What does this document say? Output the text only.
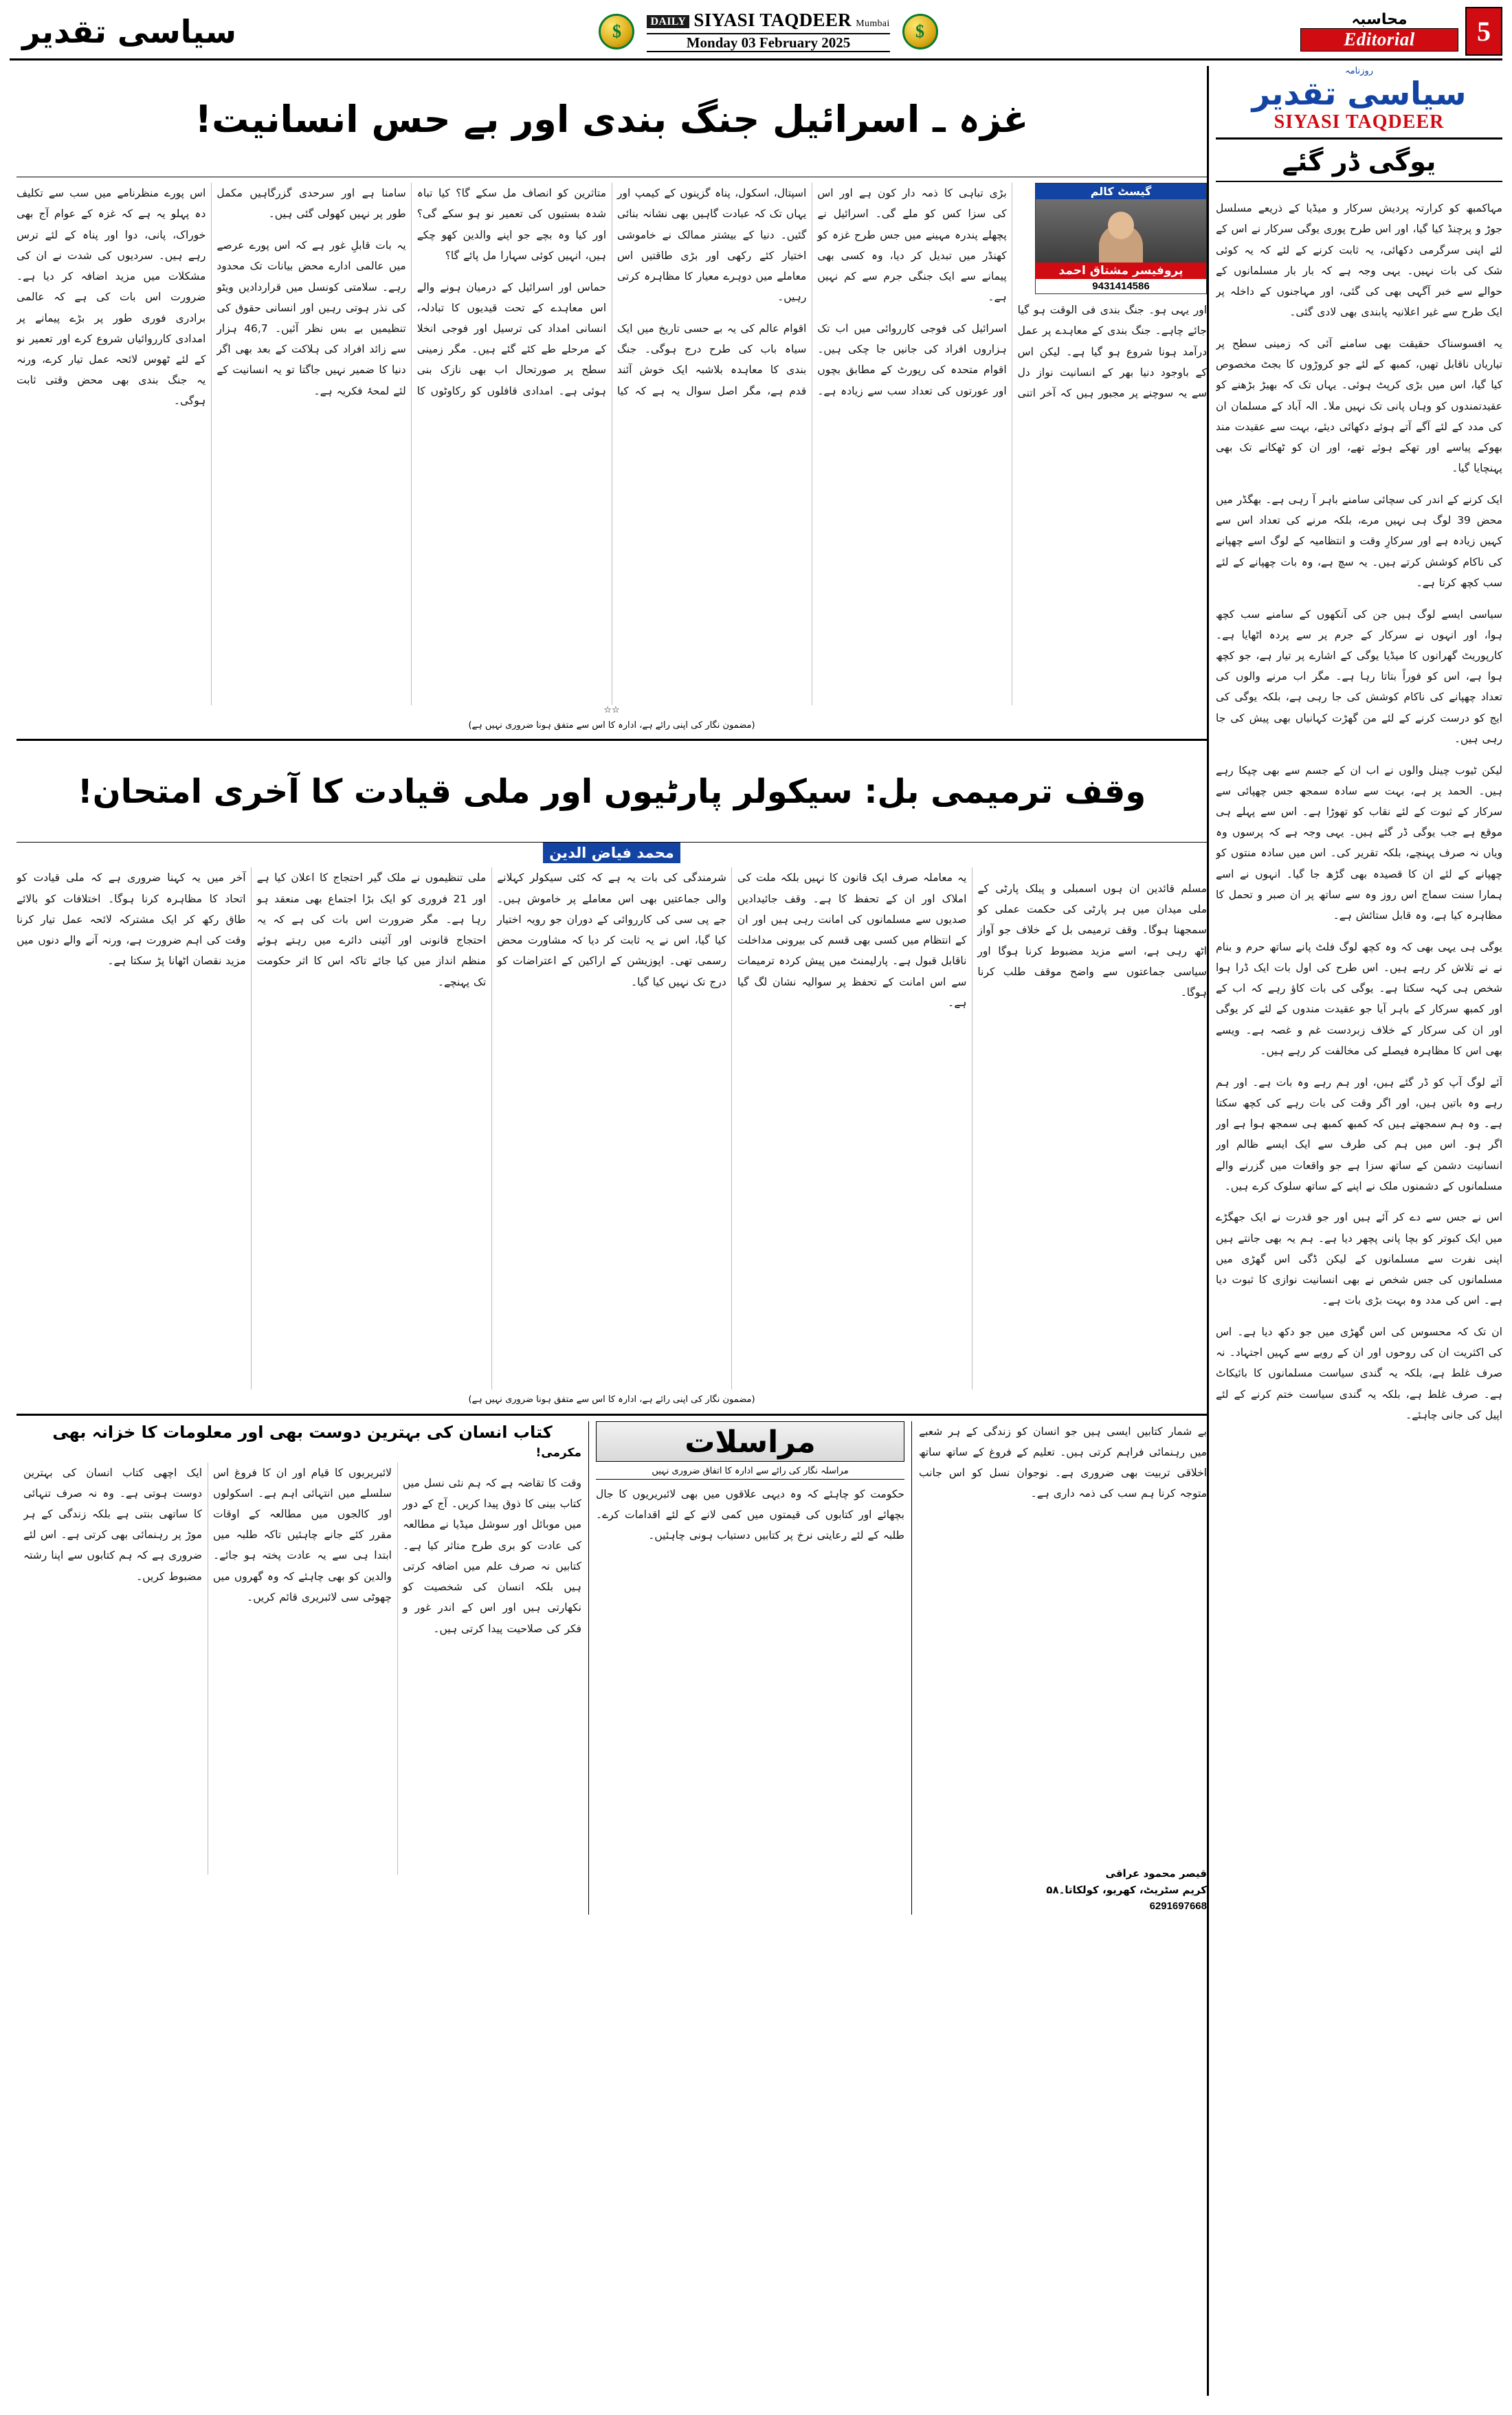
5
محاسبہ
Editorial
$
DAILY SIYASI TAQDEER Mumbai
Monday 03 February 2025
$
سیاسی تقدیر
روزنامہ
سیاسی تقدیر
SIYASI TAQDEER
یوگی ڈر گئے

مہاکمبھ کو کرارتہ پردیش سرکار و میڈیا کے ذریعے مسلسل جوڑ و پرچنڈ کیا گیا، اور اس طرح پوری یوگی سرکار نے اس کے لئے اپنی سرگرمی دکھائی، یہ ثابت کرنے کے لئے کہ یہ کوئی شک کی بات نہیں۔ یہی وجہ ہے کہ بار بار مسلمانوں کے حوالے سے خبر آگہی بھی کی گئی، اور مہاجنوں کے داخلہ پر ایک طرح سے غیر اعلانیہ پابندی بھی لادی گئی۔

یہ افسوسناک حقیقت بھی سامنے آئی کہ زمینی سطح پر تیاریاں ناقابل تھیں، کمبھ کے لئے جو کروڑوں کا بجٹ مخصوص کیا گیا، اس میں بڑی کرپٹ ہوئی۔ یہاں تک کہ بھیڑ بڑھنے کو عقیدتمندوں کو وہاں پانی تک نہیں ملا۔ الہ آباد کے مسلمان ان کی مدد کے لئے آگے آتے ہوئے دکھائی دیئے، بہت سے عقیدت مند بھوکے پیاسے اور تھکے ہوئے تھے، اور ان کو ٹھکانے تک بھی پہنچایا گیا۔

ایک کرنے کے اندر کی سچائی سامنے باہر آ رہی ہے۔ بھگڈر میں محض 39 لوگ ہی نہیں مرے، بلکہ مرنے کی تعداد اس سے کہیں زیادہ ہے اور سرکارِ وقت و انتظامیہ کے لوگ اسے چھپانے کی ناکام کوشش کرتے ہیں۔ یہ سچ ہے، وہ بات چھپانے کے لئے سب کچھ کرتا ہے۔

سیاسی ایسے لوگ ہیں جن کی آنکھوں کے سامنے سب کچھ ہوا، اور انہوں نے سرکار کے جرم پر سے پردہ اٹھایا ہے۔ کارپوریٹ گھرانوں کا میڈیا یوگی کے اشارے پر تیار ہے، جو کچھ ہوا ہے، اس کو فوراً بتاتا رہا ہے۔ مگر اب مرنے والوں کی تعداد چھپانے کی ناکام کوشش کی جا رہی ہے، بلکہ یوگی کی ایج کو درست کرنے کے لئے من گھڑت کہانیاں بھی پیش کی جا رہی ہیں۔

لیکن ٹیوب چینل والوں نے اب ان کے جسم سے بھی چپکا رہے ہیں۔ الحمد پر ہے، بہت سے سادہ سمجھ جس چھپائی سے سرکار کے ثبوت کے لئے نقاب کو تھوڑا ہے۔ اس سے پہلے ہی موقع ہے جب یوگی ڈر گئے ہیں۔ یہی وجہ ہے کہ پرسوں وہ ویاں نہ صرف پہنچے، بلکہ تقریر کی۔ اس میں سادہ منتوں کو چھپانے کے لئے ان کا قصیدہ بھی گڑھ جا گیا۔ انہوں نے اسے ہمارا سنت سماج اس روز وہ سے ساتھ پر ان صبر و تحمل کا مظاہرہ کیا ہے، وہ قابل ستائش ہے۔

یوگی ہی یہی بھی کہ وہ کچھ لوگ فلٹ پانے ساتھ حرم و بنام نے نے تلاش کر رہے ہیں۔ اس طرح کی اول بات ایک ڈرا ہوا شخص ہی کہہ سکتا ہے۔ یوگی کی بات کاؤ رہے کہ اب کے اور کمبھ سرکار کے باہر آیا جو عقیدت مندوں کے لئے کر یوگی اور ان کی سرکار کے خلاف زبردست غم و غصہ ہے۔ ویسے بھی اس کا مظاہرہ فیصلے کی مخالفت کر رہے ہیں۔

آئے لوگ آپ کو ڈر گئے ہیں، اور ہم رہے وہ بات ہے۔ اور ہم رہے وہ باتیں ہیں، اور اگر وقت کی بات رہے کی کچھ سکتا ہے۔ وہ ہم سمجھتے ہیں کہ کمبھ کمبھ ہی سمجھ ہوا ہے اور اگر ہو۔ اس میں ہم کی طرف سے ایک ایسے ظالم اور انسانیت دشمن کے ساتھ سزا ہے جو واقعات میں گزرنے والے مسلمانوں کے دشمنوں ملک نے اپنے کے ساتھ سلوک کرے ہیں۔

اس نے جس سے دے کر آئے ہیں اور جو قدرت نے ایک جھگڑے میں ایک کبوتر کو بچا پانی پچھر دیا ہے۔ ہم یہ بھی جانتے ہیں اپنی نفرت سے مسلمانوں کے لیکن ڈگی اس گھڑی میں مسلمانوں کی جس شخص نے بھی انسانیت نوازی کا ثبوت دیا ہے۔ اس کی مدد وہ بہت بڑی بات ہے۔

ان تک کہ محسوس کی اس گھڑی میں جو دکھ دیا ہے۔ اس کی اکثریت ان کی روحوں اور ان کے رویے سے کہیں اجتہاد۔ نہ صرف غلط ہے، بلکہ یہ گندی سیاست مسلمانوں کا بائیکاٹ ہے۔ صرف غلط ہے، بلکہ یہ گندی سیاست ختم کرنے کے لئے اپیل کی جانی چاہئے۔

غزہ ـ اسرائیل جنگ بندی اور بے حس انسانیت!
گیسٹ کالم
پروفیسر مشتاق احمد
9431414586

اور یہی ہو۔ جنگ بندی فی الوقت ہو گیا جائے چاہے۔ جنگ بندی کے معاہدے پر عمل درآمد ہونا شروع ہو گیا ہے۔ لیکن اس کے باوجود دنیا بھر کے انسانیت نواز دل سے یہ سوچنے پر مجبور ہیں کہ آخر اتنی بڑی تباہی کا ذمہ دار کون ہے اور اس کی سزا کس کو ملے گی۔ اسرائیل نے پچھلے پندرہ مہینے میں جس طرح غزہ کو کھنڈر میں تبدیل کر دیا، وہ کسی بھی پیمانے سے ایک جنگی جرم سے کم نہیں ہے۔

اسرائیل کی فوجی کارروائی میں اب تک ہزاروں افراد کی جانیں جا چکی ہیں۔ اقوام متحدہ کی رپورٹ کے مطابق بچوں اور عورتوں کی تعداد سب سے زیادہ ہے۔ اسپتال، اسکول، پناہ گزینوں کے کیمپ اور یہاں تک کہ عبادت گاہیں بھی نشانہ بنائی گئیں۔ دنیا کے بیشتر ممالک نے خاموشی اختیار کئے رکھی اور بڑی طاقتیں اس معاملے میں دوہرے معیار کا مظاہرہ کرتی رہیں۔

اقوام عالم کی یہ بے حسی تاریخ میں ایک سیاہ باب کی طرح درج ہوگی۔ جنگ بندی کا معاہدہ بلاشبہ ایک خوش آئند قدم ہے، مگر اصل سوال یہ ہے کہ کیا متاثرین کو انصاف مل سکے گا؟ کیا تباہ شدہ بستیوں کی تعمیر نو ہو سکے گی؟ اور کیا وہ بچے جو اپنے والدین کھو چکے ہیں، انہیں کوئی سہارا مل پائے گا؟

حماس اور اسرائیل کے درمیان ہونے والے اس معاہدے کے تحت قیدیوں کا تبادلہ، انسانی امداد کی ترسیل اور فوجی انخلا کے مرحلے طے کئے گئے ہیں۔ مگر زمینی سطح پر صورتحال اب بھی نازک بنی ہوئی ہے۔ امدادی قافلوں کو رکاوٹوں کا سامنا ہے اور سرحدی گزرگاہیں مکمل طور پر نہیں کھولی گئی ہیں۔

یہ بات قابلِ غور ہے کہ اس پورے عرصے میں عالمی ادارے محض بیانات تک محدود رہے۔ سلامتی کونسل میں قراردادیں ویٹو کی نذر ہوتی رہیں اور انسانی حقوق کی تنظیمیں بے بس نظر آئیں۔ 46,7 ہزار سے زائد افراد کی ہلاکت کے بعد بھی اگر دنیا کا ضمیر نہیں جاگتا تو یہ انسانیت کے لئے لمحۂ فکریہ ہے۔

اس پورے منظرنامے میں سب سے تکلیف دہ پہلو یہ ہے کہ غزہ کے عوام آج بھی خوراک، پانی، دوا اور پناہ کے لئے ترس رہے ہیں۔ سردیوں کی شدت نے ان کی مشکلات میں مزید اضافہ کر دیا ہے۔ ضرورت اس بات کی ہے کہ عالمی برادری فوری طور پر بڑے پیمانے پر امدادی کارروائیاں شروع کرے اور تعمیر نو کے لئے ٹھوس لائحہ عمل تیار کرے، ورنہ یہ جنگ بندی بھی محض وقتی ثابت ہوگی۔

☆☆
(مضمون نگار کی اپنی رائے ہے، ادارہ کا اس سے متفق ہونا ضروری نہیں ہے)
وقف ترمیمی بل: سیکولر پارٹیوں اور ملی قیادت کا آخری امتحان!
محمد فیاض الدین

مسلم قائدین ان ہوں اسمبلی و پبلک پارٹی کے ملی میدان میں ہر پارٹی کی حکمت عملی کو سمجھنا ہوگا۔ وقف ترمیمی بل کے خلاف جو آواز اٹھ رہی ہے، اسے مزید مضبوط کرنا ہوگا اور سیاسی جماعتوں سے واضح موقف طلب کرنا ہوگا۔

یہ معاملہ صرف ایک قانون کا نہیں بلکہ ملت کی املاک اور ان کے تحفظ کا ہے۔ وقف جائیدادیں صدیوں سے مسلمانوں کی امانت رہی ہیں اور ان کے انتظام میں کسی بھی قسم کی بیرونی مداخلت ناقابل قبول ہے۔ پارلیمنٹ میں پیش کردہ ترمیمات سے اس امانت کے تحفظ پر سوالیہ نشان لگ گیا ہے۔

شرمندگی کی بات یہ ہے کہ کئی سیکولر کہلانے والی جماعتیں بھی اس معاملے پر خاموش ہیں۔ جے پی سی کی کارروائی کے دوران جو رویہ اختیار کیا گیا، اس نے یہ ثابت کر دیا کہ مشاورت محض رسمی تھی۔ اپوزیشن کے اراکین کے اعتراضات کو درج تک نہیں کیا گیا۔

ملی تنظیموں نے ملک گیر احتجاج کا اعلان کیا ہے اور 21 فروری کو ایک بڑا اجتماع بھی منعقد ہو رہا ہے۔ مگر ضرورت اس بات کی ہے کہ یہ احتجاج قانونی اور آئینی دائرے میں رہتے ہوئے منظم انداز میں کیا جائے تاکہ اس کا اثر حکومت تک پہنچے۔

آخر میں یہ کہنا ضروری ہے کہ ملی قیادت کو اتحاد کا مظاہرہ کرنا ہوگا۔ اختلافات کو بالائے طاق رکھ کر ایک مشترکہ لائحہ عمل تیار کرنا وقت کی اہم ضرورت ہے، ورنہ آنے والے دنوں میں مزید نقصان اٹھانا پڑ سکتا ہے۔

(مضمون نگار کی اپنی رائے ہے، ادارہ کا اس سے متفق ہونا ضروری نہیں ہے)
بے شمار کتابیں ایسی ہیں جو انسان کو زندگی کے ہر شعبے میں رہنمائی فراہم کرتی ہیں۔ تعلیم کے فروغ کے ساتھ ساتھ اخلاقی تربیت بھی ضروری ہے۔ نوجوان نسل کو اس جانب متوجہ کرنا ہم سب کی ذمہ داری ہے۔
قیصر محمود عراقی
کریم سٹریٹ، کھریو، کولکاتا۔۵۸
6291697668
مراسلات
مراسلہ نگار کی رائے سے ادارہ کا اتفاق ضروری نہیں
حکومت کو چاہئے کہ وہ دیہی علاقوں میں بھی لائبریریوں کا جال بچھائے اور کتابوں کی قیمتوں میں کمی لانے کے لئے اقدامات کرے۔ طلبہ کے لئے رعایتی نرخ پر کتابیں دستیاب ہونی چاہئیں۔
کتاب انسان کی بہترین دوست بھی اور معلومات کا خزانہ بھی
مکرمی!

وقت کا تقاضہ ہے کہ ہم نئی نسل میں کتاب بینی کا ذوق پیدا کریں۔ آج کے دور میں موبائل اور سوشل میڈیا نے مطالعہ کی عادت کو بری طرح متاثر کیا ہے۔ کتابیں نہ صرف علم میں اضافہ کرتی ہیں بلکہ انسان کی شخصیت کو نکھارتی ہیں اور اس کے اندر غور و فکر کی صلاحیت پیدا کرتی ہیں۔

لائبریریوں کا قیام اور ان کا فروغ اس سلسلے میں انتہائی اہم ہے۔ اسکولوں اور کالجوں میں مطالعہ کے اوقات مقرر کئے جانے چاہئیں تاکہ طلبہ میں ابتدا ہی سے یہ عادت پختہ ہو جائے۔ والدین کو بھی چاہئے کہ وہ گھروں میں چھوٹی سی لائبریری قائم کریں۔

ایک اچھی کتاب انسان کی بہترین دوست ہوتی ہے۔ وہ نہ صرف تنہائی کا ساتھی بنتی ہے بلکہ زندگی کے ہر موڑ پر رہنمائی بھی کرتی ہے۔ اس لئے ضروری ہے کہ ہم کتابوں سے اپنا رشتہ مضبوط کریں۔
